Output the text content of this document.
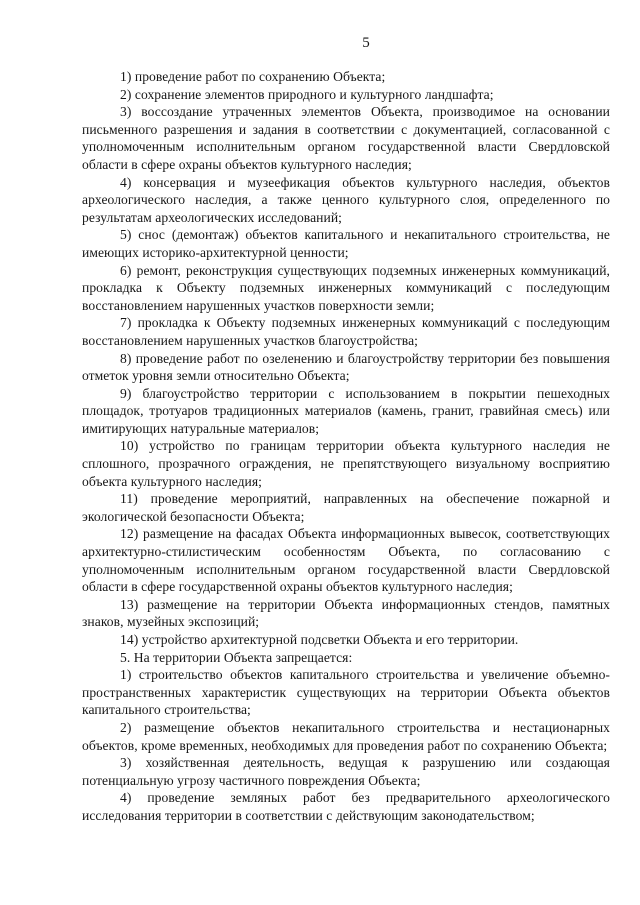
5

1) проведение работ по сохранению Объекта;

2) сохранение элементов природного и культурного ландшафта;

3) воссоздание утраченных элементов Объекта, производимое на основании письменного разрешения и задания в соответствии с документацией, согласованной с уполномоченным исполнительным органом государственной власти Свердловской области в сфере охраны объектов культурного наследия;

4) консервация и музеефикация объектов культурного наследия, объектов археологического наследия, а также ценного культурного слоя, определенного по результатам археологических исследований;

5) снос (демонтаж) объектов капитального и некапитального строительства, не имеющих историко-архитектурной ценности;

6) ремонт, реконструкция существующих подземных инженерных коммуникаций, прокладка к Объекту подземных инженерных коммуникаций с последующим восстановлением нарушенных участков поверхности земли;

7) прокладка к Объекту подземных инженерных коммуникаций с последующим восстановлением нарушенных участков благоустройства;

8) проведение работ по озеленению и благоустройству территории без повышения отметок уровня земли относительно Объекта;

9) благоустройство территории с использованием в покрытии пешеходных площадок, тротуаров традиционных материалов (камень, гранит, гравийная смесь) или имитирующих натуральные материалов;

10) устройство по границам территории объекта культурного наследия не сплошного, прозрачного ограждения, не препятствующего визуальному восприятию объекта культурного наследия;

11) проведение мероприятий, направленных на обеспечение пожарной и экологической безопасности Объекта;

12) размещение на фасадах Объекта информационных вывесок, соответствующих архитектурно-стилистическим особенностям Объекта, по согласованию с уполномоченным исполнительным органом государственной власти Свердловской области в сфере государственной охраны объектов культурного наследия;

13) размещение на территории Объекта информационных стендов, памятных знаков, музейных экспозиций;

14) устройство архитектурной подсветки Объекта и его территории.

5. На территории Объекта запрещается:

1) строительство объектов капитального строительства и увеличение объемно-пространственных характеристик существующих на территории Объекта объектов капитального строительства;

2) размещение объектов некапитального строительства и нестационарных объектов, кроме временных, необходимых для проведения работ по сохранению Объекта;

3) хозяйственная деятельность, ведущая к разрушению или создающая потенциальную угрозу частичного повреждения Объекта;

4) проведение земляных работ без предварительного археологического исследования территории в соответствии с действующим законодательством;
